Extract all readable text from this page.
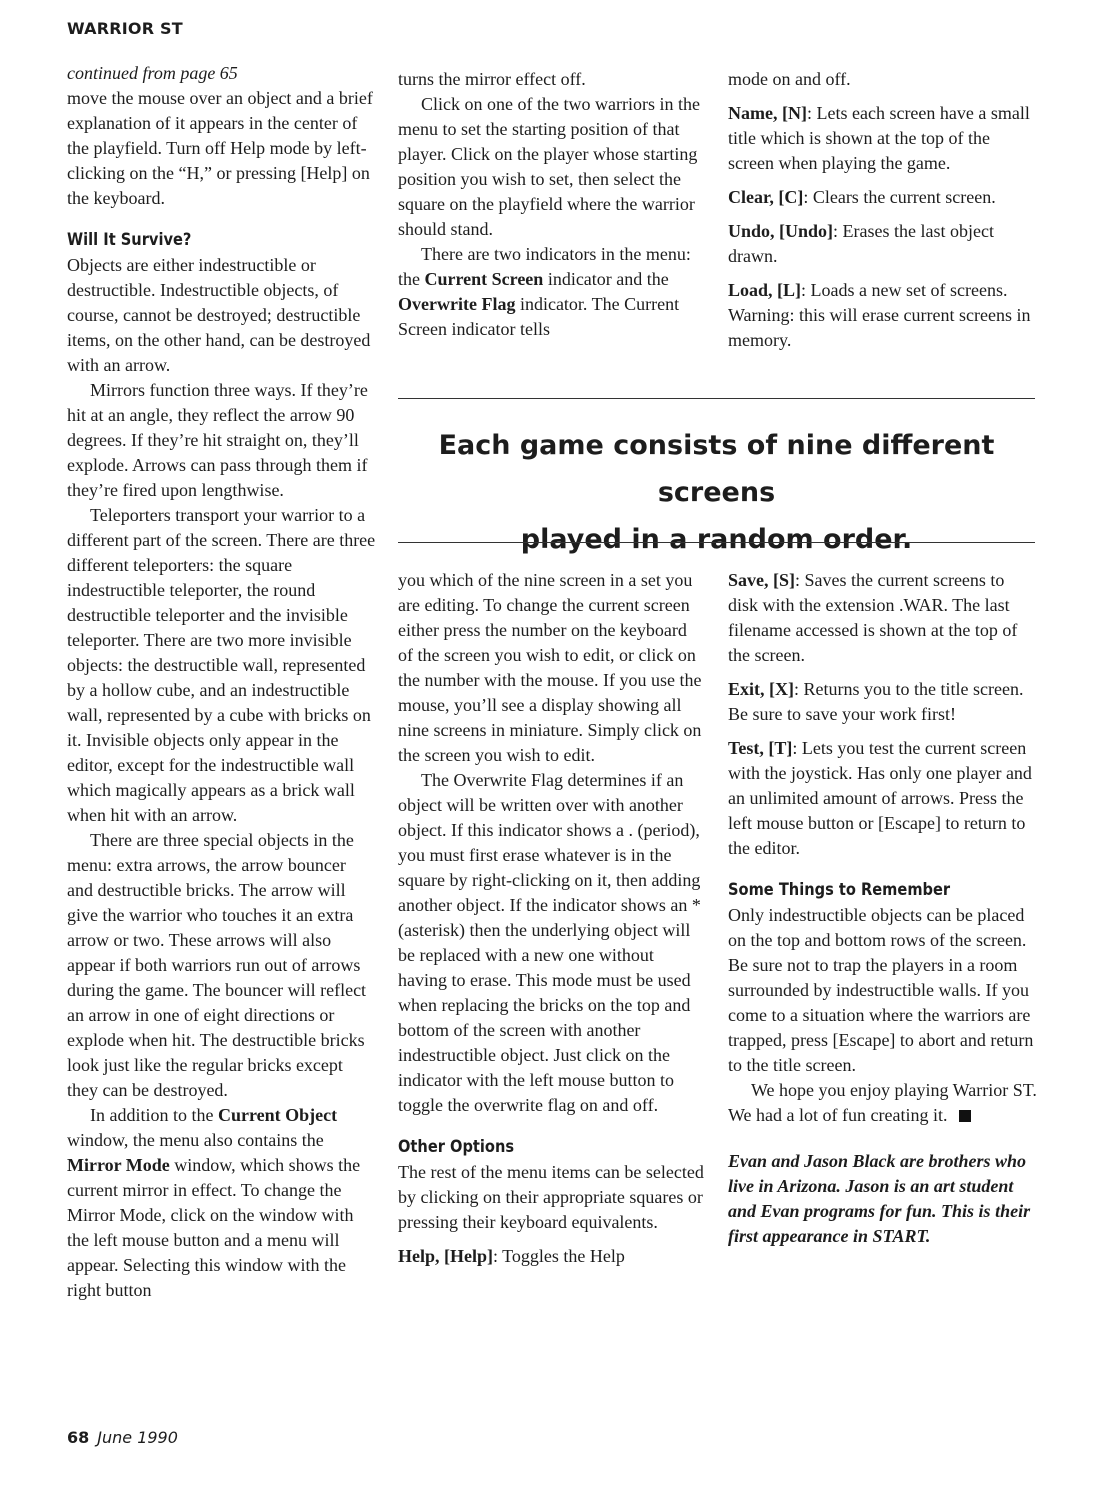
WARRIOR ST

continued from page 65

move the mouse over an object and a brief explanation of it appears in the center of the playfield. Turn off Help mode by left-clicking on the “H,” or pressing [Help] on the keyboard.

Will It Survive?

Objects are either indestructible or destructible. Indestructible objects, of course, cannot be destroyed; destructible items, on the other hand, can be destroyed with an arrow.

Mirrors function three ways. If they’re hit at an angle, they reflect the arrow 90 degrees. If they’re hit straight on, they’ll explode. Arrows can pass through them if they’re fired upon lengthwise.

Teleporters transport your warrior to a different part of the screen. There are three different teleporters: the square indestructible teleporter, the round destructible teleporter and the invisible teleporter. There are two more invisible objects: the destructible wall, represented by a hollow cube, and an indestructible wall, represented by a cube with bricks on it. Invisible objects only appear in the editor, except for the indestructible wall which magically appears as a brick wall when hit with an arrow.

There are three special objects in the menu: extra arrows, the arrow bouncer and destructible bricks. The arrow will give the warrior who touches it an extra arrow or two. These arrows will also appear if both warriors run out of arrows during the game. The bouncer will reflect an arrow in one of eight directions or explode when hit. The destructible bricks look just like the regular bricks except they can be destroyed.

In addition to the Current Object window, the menu also contains the Mirror Mode window, which shows the current mirror in effect. To change the Mirror Mode, click on the window with the left mouse button and a menu will appear. Selecting this window with the right button

turns the mirror effect off.

Click on one of the two warriors in the menu to set the starting position of that player. Click on the player whose starting position you wish to set, then select the square on the playfield where the warrior should stand.

There are two indicators in the menu: the Current Screen indicator and the Overwrite Flag indicator. The Current Screen indicator tells

mode on and off.

Name, [N]: Lets each screen have a small title which is shown at the top of the screen when playing the game.

Clear, [C]: Clears the current screen.

Undo, [Undo]: Erases the last object drawn.

Load, [L]: Loads a new set of screens. Warning: this will erase current screens in memory.

Each game consists of nine different screens
played in a random order.

you which of the nine screen in a set you are editing. To change the current screen either press the number on the keyboard of the screen you wish to edit, or click on the number with the mouse. If you use the mouse, you’ll see a display showing all nine screens in miniature. Simply click on the screen you wish to edit.

The Overwrite Flag determines if an object will be written over with another object. If this indicator shows a . (period), you must first erase whatever is in the square by right-clicking on it, then adding another object. If the indicator shows an * (asterisk) then the underlying object will be replaced with a new one without having to erase. This mode must be used when replacing the bricks on the top and bottom of the screen with another indestructible object. Just click on the indicator with the left mouse button to toggle the overwrite flag on and off.

Other Options

The rest of the menu items can be selected by clicking on their appropriate squares or pressing their keyboard equivalents.

Help, [Help]: Toggles the Help

Save, [S]: Saves the current screens to disk with the extension .WAR. The last filename accessed is shown at the top of the screen.

Exit, [X]: Returns you to the title screen. Be sure to save your work first!

Test, [T]: Lets you test the current screen with the joystick. Has only one player and an unlimited amount of arrows. Press the left mouse button or [Escape] to return to the editor.

Some Things to Remember

Only indestructible objects can be placed on the top and bottom rows of the screen. Be sure not to trap the players in a room surrounded by indestructible walls. If you come to a situation where the warriors are trapped, press [Escape] to abort and return to the title screen.

We hope you enjoy playing Warrior ST. We had a lot of fun creating it.

Evan and Jason Black are brothers who live in Arizona. Jason is an art student and Evan programs for fun. This is their first appearance in START.

68 June 1990
